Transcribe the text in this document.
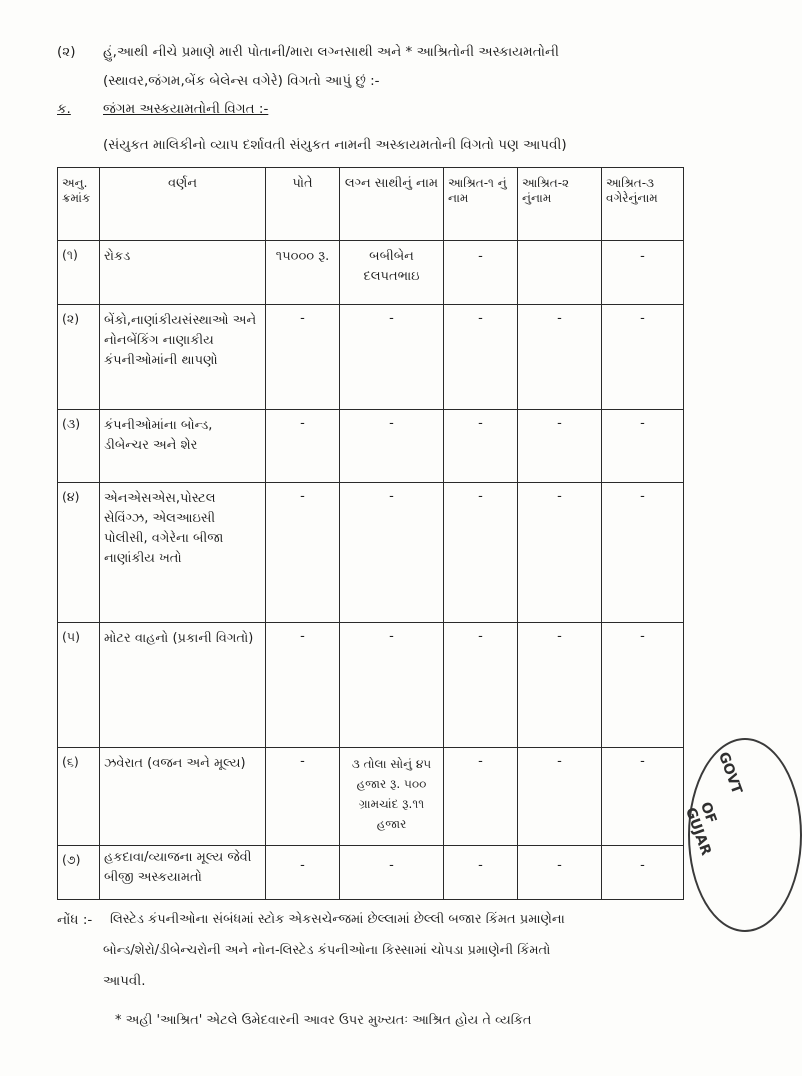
(૨) હું,આથી નીચે પ્રમાણે મારી પોતાની/મારા લગ્નસાથી અને * આશ્રિતોની અસ્કાયમતોની
(સ્થાવર,જંગમ,બેંક બેલેન્સ વગેરે) વિગતો આપું છું :-
ક. જંગમ અસ્કયામતોની વિગત :-
(સંયુકત માલિકીનો વ્યાપ દર્શાવતી સંયુકત નામની અસ્કાયમતોની વિગતો પણ આપવી)
અનુ. ક્રમાંક	વર્ણન	પોતે	લગ્ન સાથીનું નામ	આશ્રિત-૧ નું નામ	આશ્રિત-૨ નુંનામ	આશ્રિત-૩ વગેરેનુંનામ
(૧)	રોકડ	૧૫૦૦૦ રૂ.	બબીબેન દલપતભાઇ	-		-
(૨)	બેંકો,નાણાંકીયસંસ્થાઓ અને નોનબેંકિંગ નાણાકીય કંપનીઓમાંની થાપણો	-	-	-	-	-
(૩)	કંપનીઓમાંના બોન્ડ, ડીબેન્ચર અને શેર	-	-	-	-	-
(૪)	એનએસએસ,પોસ્ટલ સેવિંગ્ઝ, એલઆઇસી પોલીસી, વગેરેના બીજા નાણાંકીય ખતો	-	-	-	-	-
(૫)	મોટર વાહનો (પ્રકાની વિગતો)	-	-	-	-	-
(૬)	ઝવેરાત (વજન અને મૂલ્ય)	-	૩ તોલા સોનું ૪૫ હજાર રૂ. ૫૦૦ ગ્રામચાંદ રૂ.૧૧ હજાર	-	-	-
(૭)	હકદાવા/વ્યાજના મૂલ્ય જેવી બીજી અસ્કયામતો	-	-	-	-	-
નોંધ :- લિસ્ટેડ કંપનીઓના સંબંધમાં સ્ટોક એકસચેન્જમાં છેલ્લામાં છેલ્લી બજાર કિંમત પ્રમાણેના
બોન્ડ/શેરો/ડીબેન્ચરોની અને નોન-લિસ્ટેડ કંપનીઓના કિસ્સામાં ચોપડા પ્રમાણેની કિંમતો
આપવી.
* અહી 'આશ્રિત' એટલે ઉમેદવારની આવર ઉપર મુખ્યતઃ આશ્રિત હોય તે વ્યકિત
GOVT
OF GUJAR
